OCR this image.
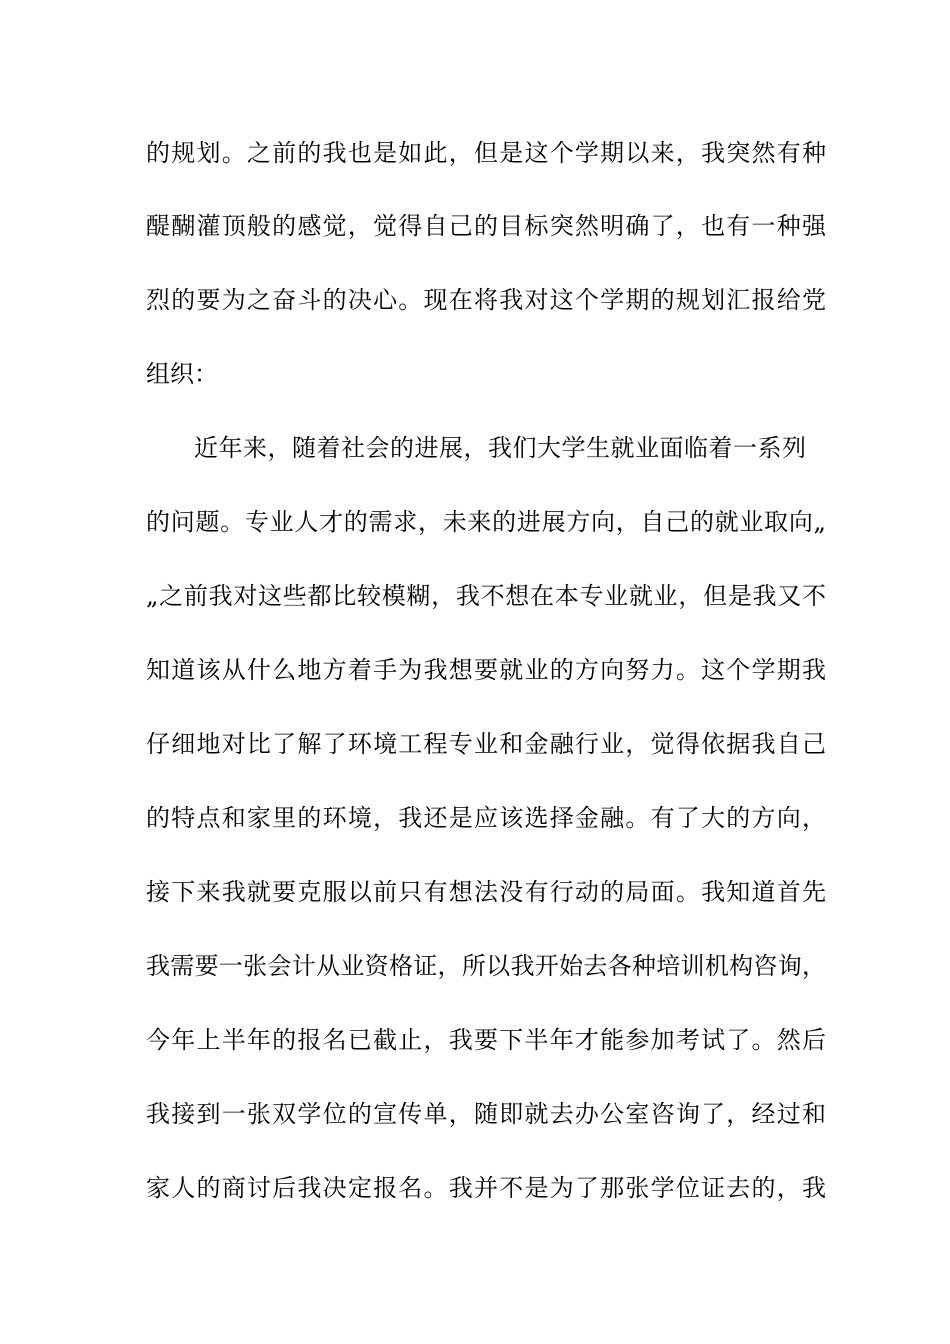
的规划。之前的我也是如此，但是这个学期以来，我突然有种
醍醐灌顶般的感觉，觉得自己的目标突然明确了，也有一种强
烈的要为之奋斗的决心。现在将我对这个学期的规划汇报给党
组织：
近年来，随着社会的进展，我们大学生就业面临着一系列
的问题。专业人才的需求，未来的进展方向，自己的就业取向„
„之前我对这些都比较模糊，我不想在本专业就业，但是我又不
知道该从什么地方着手为我想要就业的方向努力。这个学期我
仔细地对比了解了环境工程专业和金融行业，觉得依据我自己
的特点和家里的环境，我还是应该选择金融。有了大的方向，
接下来我就要克服以前只有想法没有行动的局面。我知道首先
我需要一张会计从业资格证，所以我开始去各种培训机构咨询，
今年上半年的报名已截止，我要下半年才能参加考试了。然后
我接到一张双学位的宣传单，随即就去办公室咨询了，经过和
家人的商讨后我决定报名。我并不是为了那张学位证去的，我
